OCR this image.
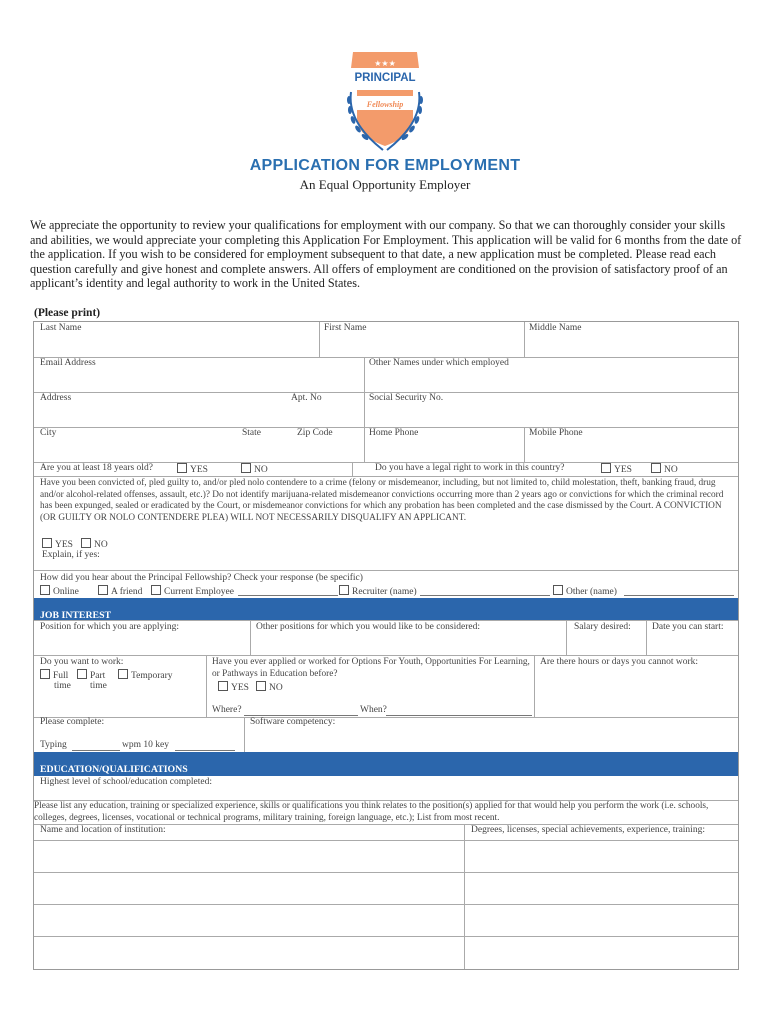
★★★
PRINCIPAL
Fellowship
APPLICATION FOR EMPLOYMENT
An Equal Opportunity Employer
We appreciate the opportunity to review your qualifications for employment with our company. So that we can thoroughly consider your skills and abilities, we would appreciate your completing this Application For Employment. This application will be valid for 6 months from the date of the application. If you wish to be considered for employment subsequent to that date, a new application must be completed. Please read each question carefully and give honest and complete answers. All offers of employment are conditioned on the provision of satisfactory proof of an applicant’s identity and legal authority to work in the United States.
(Please print)
Last Name	First Name	Middle Name
Email Address	Other Names under which employed
Address	Apt. No	Social Security No.
City	State	Zip Code	Home Phone	Mobile Phone
Are you at least 18 years old?	YES	NO	Do you have a legal right to work in this country?	YES	NO
Have you been convicted of, pled guilty to, and/or pled nolo contendere to a crime (felony or misdemeanor, including, but not limited to, child molestation, theft, banking fraud, drug and/or alcohol-related offenses, assault, etc.)? Do not identify marijuana-related misdemeanor convictions occurring more than 2 years ago or convictions for which the criminal record has been expunged, sealed or eradicated by the Court, or misdemeanor convictions for which any probation has been completed and the case dismissed by the Court. A CONVICTION (OR GUILTY OR NOLO CONTENDERE PLEA) WILL NOT NECESSARILY DISQUALIFY AN APPLICANT.
YES	NO
Explain, if yes:
How did you hear about the Principal Fellowship? Check your response (be specific)
Online	A friend	Current Employee	Recruiter (name)	Other (name)
JOB INTEREST
Position for which you are applying:	Other positions for which you would like to be considered:	Salary desired: Date you can start:
Do you want to work:
Full	Part	Temporary
time time
Have you ever applied or worked for Options For Youth, Opportunities For Learning, or Pathways in Education before?
YES	NO
Where?	When?
Are there hours or days you cannot work:
Please complete:
Typing	wpm 10 key
Software competency:
EDUCATION/QUALIFICATIONS
Highest level of school/education completed:
Please list any education, training or specialized experience, skills or qualifications you think relates to the position(s) applied for that would help you perform the work (i.e. schools, colleges, degrees, licenses, vocational or technical programs, military training, foreign language, etc.); List from most recent.
Name and location of institution:	Degrees, licenses, special achievements, experience, training:
